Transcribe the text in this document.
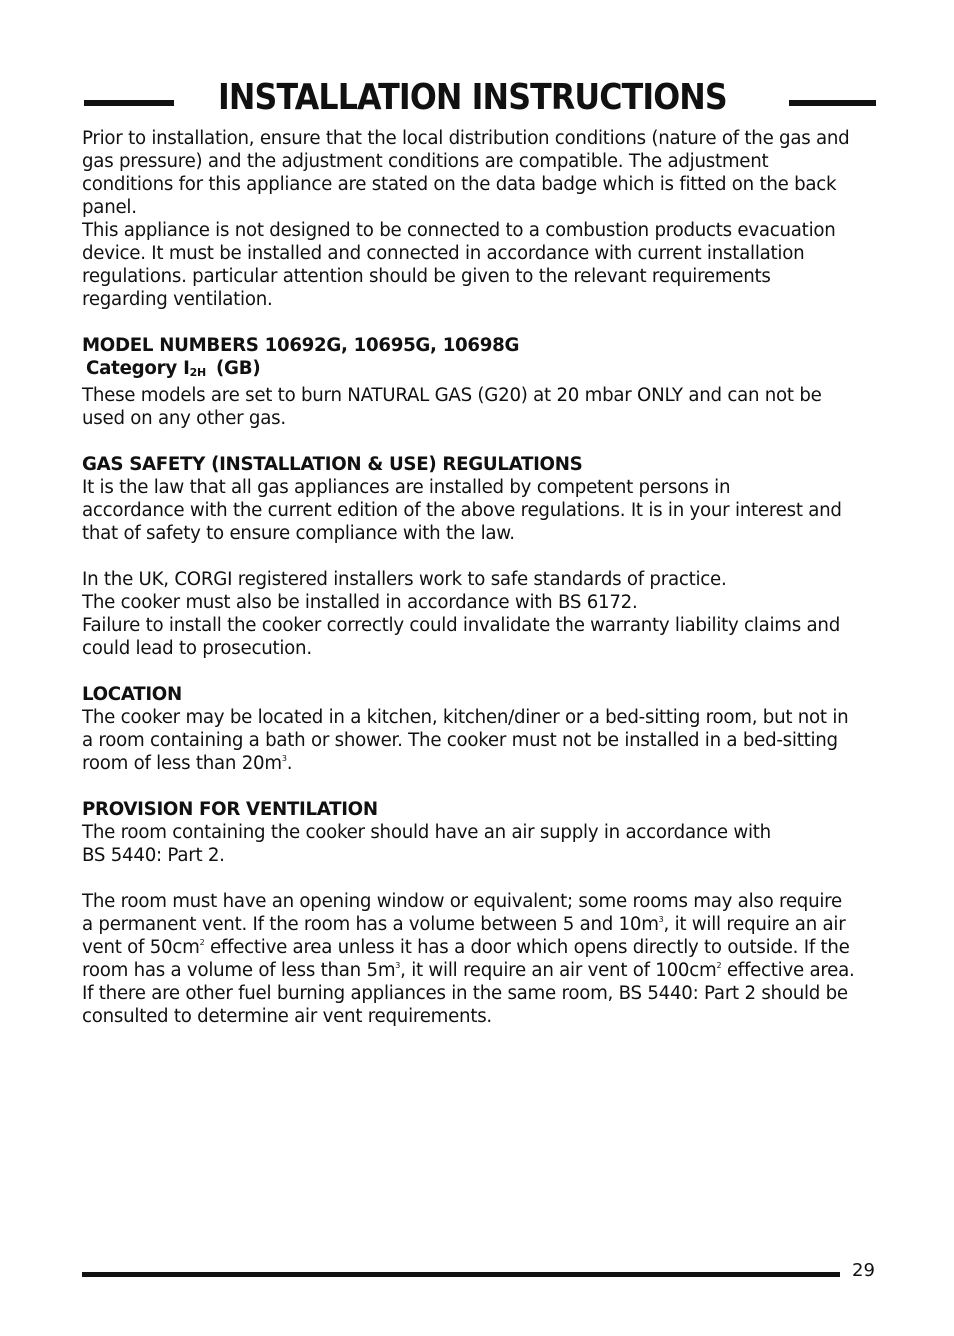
INSTALLATION INSTRUCTIONS

Prior to installation, ensure that the local distribution conditions (nature of the gas and
gas pressure) and the adjustment conditions are compatible. The adjustment
conditions for this appliance are stated on the data badge which is fitted on the back
panel.

This appliance is not designed to be connected to a combustion products evacuation
device. It must be installed and connected in accordance with current installation
regulations. particular attention should be given to the relevant requirements
regarding ventilation.

MODEL NUMBERS 10692G, 10695G, 10698G

Category I2H (GB)

These models are set to burn NATURAL GAS (G20) at 20 mbar ONLY and can not be
used on any other gas.

GAS SAFETY (INSTALLATION & USE) REGULATIONS

It is the law that all gas appliances are installed by competent persons in
accordance with the current edition of the above regulations. It is in your interest and
that of safety to ensure compliance with the law.

In the UK, CORGI registered installers work to safe standards of practice.
The cooker must also be installed in accordance with BS 6172.
Failure to install the cooker correctly could invalidate the warranty liability claims and
could lead to prosecution.

LOCATION

The cooker may be located in a kitchen, kitchen/diner or a bed-sitting room, but not in
a room containing a bath or shower. The cooker must not be installed in a bed-sitting
room of less than $20m^3$.

PROVISION FOR VENTILATION

The room containing the cooker should have an air supply in accordance with
BS 5440: Part 2.

The room must have an opening window or equivalent; some rooms may also require
a permanent vent. If the room has a volume between 5 and $10m^3$, it will require an air
vent of $50cm^2$ effective area unless it has a door which opens directly to outside. If the
room has a volume of less than $5m^3$, it will require an air vent of $100cm^2$ effective area.
If there are other fuel burning appliances in the same room, BS 5440: Part 2 should be
consulted to determine air vent requirements.

29
